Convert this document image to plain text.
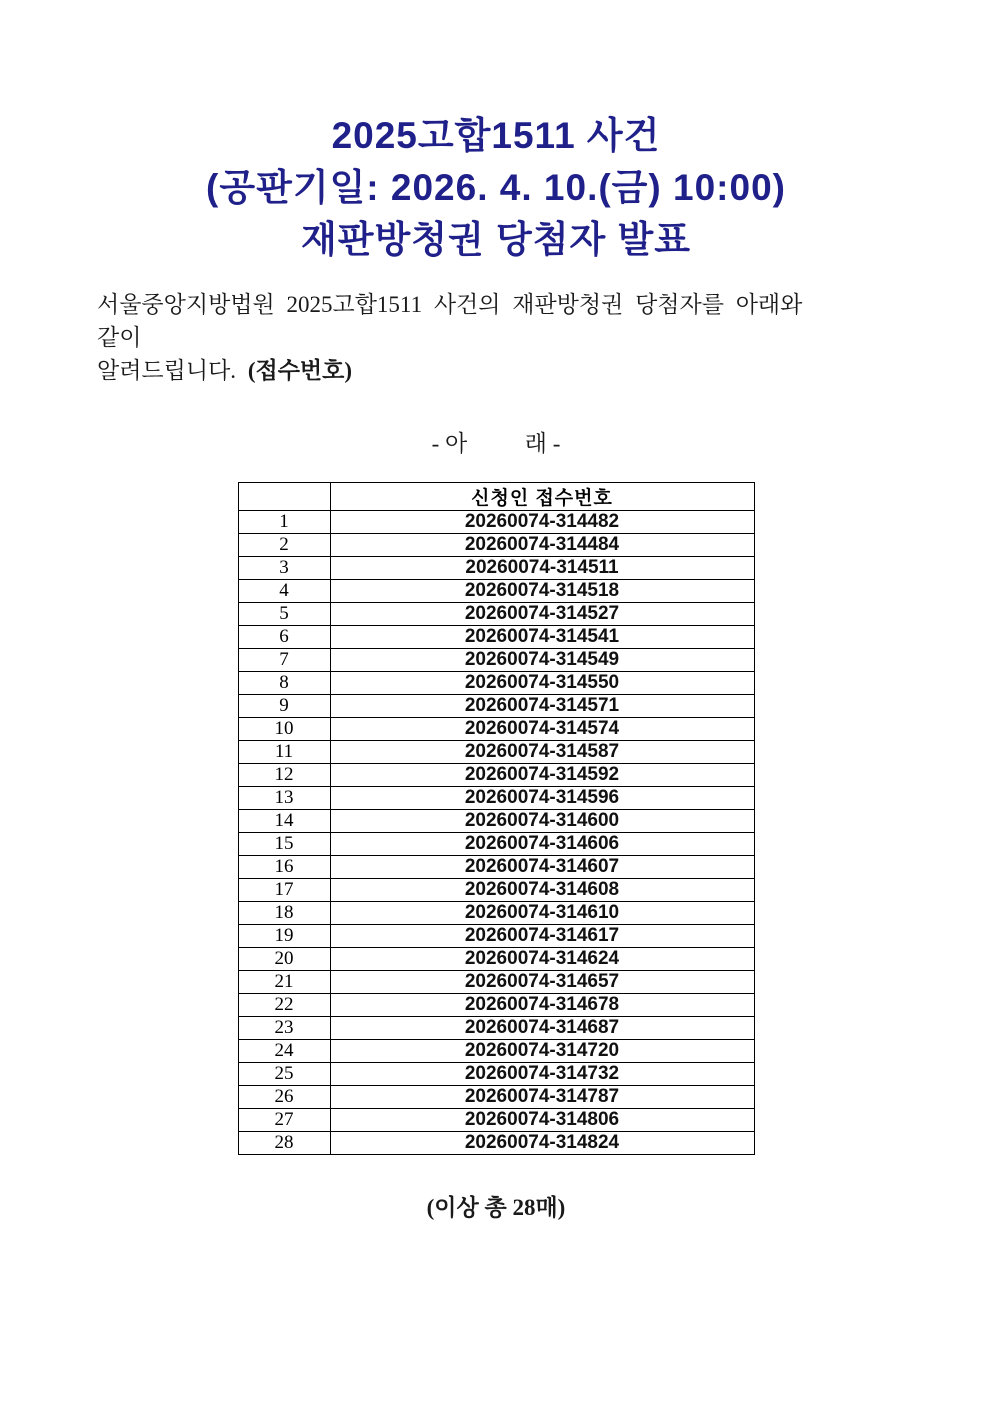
2025고합1511 사건
(공판기일: 2026. 4. 10.(금) 10:00)
재판방청권 당첨자 발표
서울중앙지방법원 2025고합1511 사건의 재판방청권 당첨자를 아래와 같이
알려드립니다. (접수번호)
- 아          래 -
	신청인 접수번호
1	20260074-314482
2	20260074-314484
3	20260074-314511
4	20260074-314518
5	20260074-314527
6	20260074-314541
7	20260074-314549
8	20260074-314550
9	20260074-314571
10	20260074-314574
11	20260074-314587
12	20260074-314592
13	20260074-314596
14	20260074-314600
15	20260074-314606
16	20260074-314607
17	20260074-314608
18	20260074-314610
19	20260074-314617
20	20260074-314624
21	20260074-314657
22	20260074-314678
23	20260074-314687
24	20260074-314720
25	20260074-314732
26	20260074-314787
27	20260074-314806
28	20260074-314824
(이상 총 28매)
